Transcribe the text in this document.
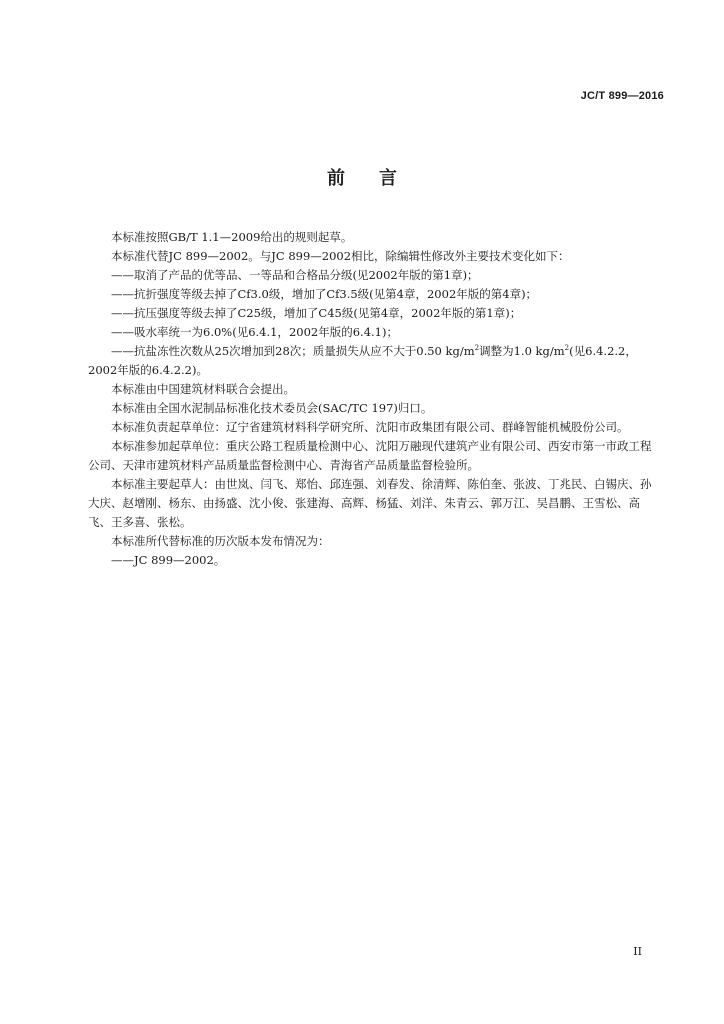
JC/T 899—2016
前言

本标准按照GB/T 1.1—2009给出的规则起草。

本标准代替JC 899—2002。与JC 899—2002相比，除编辑性修改外主要技术变化如下：

——取消了产品的优等品、一等品和合格品分级(见2002年版的第1章)；

——抗折强度等级去掉了Cf3.0级，增加了Cf3.5级(见第4章，2002年版的第4章)；

——抗压强度等级去掉了C25级，增加了C45级(见第4章，2002年版的第1章)；

——吸水率统一为6.0%(见6.4.1，2002年版的6.4.1)；

——抗盐冻性次数从25次增加到28次；质量损失从应不大于0.50 $kg/m^2$调整为1.0 $kg/m^2$(见6.4.2.2，2002年版的6.4.2.2)。

本标准由中国建筑材料联合会提出。

本标准由全国水泥制品标准化技术委员会(SAC/TC 197)归口。

本标准负责起草单位：辽宁省建筑材料科学研究所、沈阳市政集团有限公司、群峰智能机械股份公司。

本标准参加起草单位：重庆公路工程质量检测中心、沈阳万融现代建筑产业有限公司、西安市第一市政工程公司、天津市建筑材料产品质量监督检测中心、青海省产品质量监督检验所。

本标准主要起草人：由世岚、闫飞、郑怡、邱连强、刘春发、徐清辉、陈伯奎、张波、丁兆民、白锡庆、孙大庆、赵增刚、杨东、由扬盛、沈小俊、张建海、高辉、杨猛、刘洋、朱青云、郭万江、吴昌鹏、王雪松、高飞、王多喜、张松。

本标准所代替标准的历次版本发布情况为：

——JC 899—2002。

II
